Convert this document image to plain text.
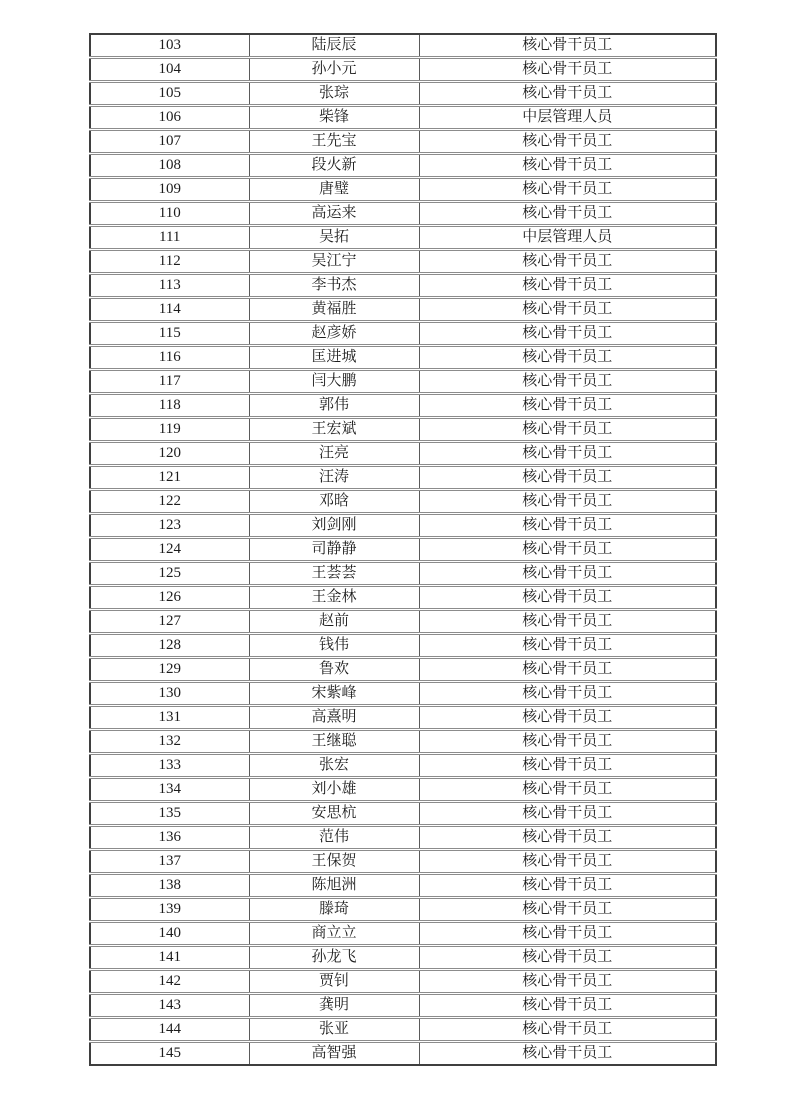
103	陆辰辰	核心骨干员工
104	孙小元	核心骨干员工
105	张琮	核心骨干员工
106	柴锋	中层管理人员
107	王先宝	核心骨干员工
108	段火新	核心骨干员工
109	唐璧	核心骨干员工
110	高运来	核心骨干员工
111	吴拓	中层管理人员
112	吴江宁	核心骨干员工
113	李书杰	核心骨干员工
114	黄福胜	核心骨干员工
115	赵彦娇	核心骨干员工
116	匡进城	核心骨干员工
117	闫大鹏	核心骨干员工
118	郭伟	核心骨干员工
119	王宏斌	核心骨干员工
120	汪亮	核心骨干员工
121	汪涛	核心骨干员工
122	邓晗	核心骨干员工
123	刘剑刚	核心骨干员工
124	司静静	核心骨干员工
125	王荟荟	核心骨干员工
126	王金林	核心骨干员工
127	赵前	核心骨干员工
128	钱伟	核心骨干员工
129	鲁欢	核心骨干员工
130	宋紫峰	核心骨干员工
131	高熹明	核心骨干员工
132	王继聪	核心骨干员工
133	张宏	核心骨干员工
134	刘小雄	核心骨干员工
135	安思杭	核心骨干员工
136	范伟	核心骨干员工
137	王保贺	核心骨干员工
138	陈旭洲	核心骨干员工
139	滕琦	核心骨干员工
140	商立立	核心骨干员工
141	孙龙飞	核心骨干员工
142	贾钊	核心骨干员工
143	龚明	核心骨干员工
144	张亚	核心骨干员工
145	高智强	核心骨干员工
